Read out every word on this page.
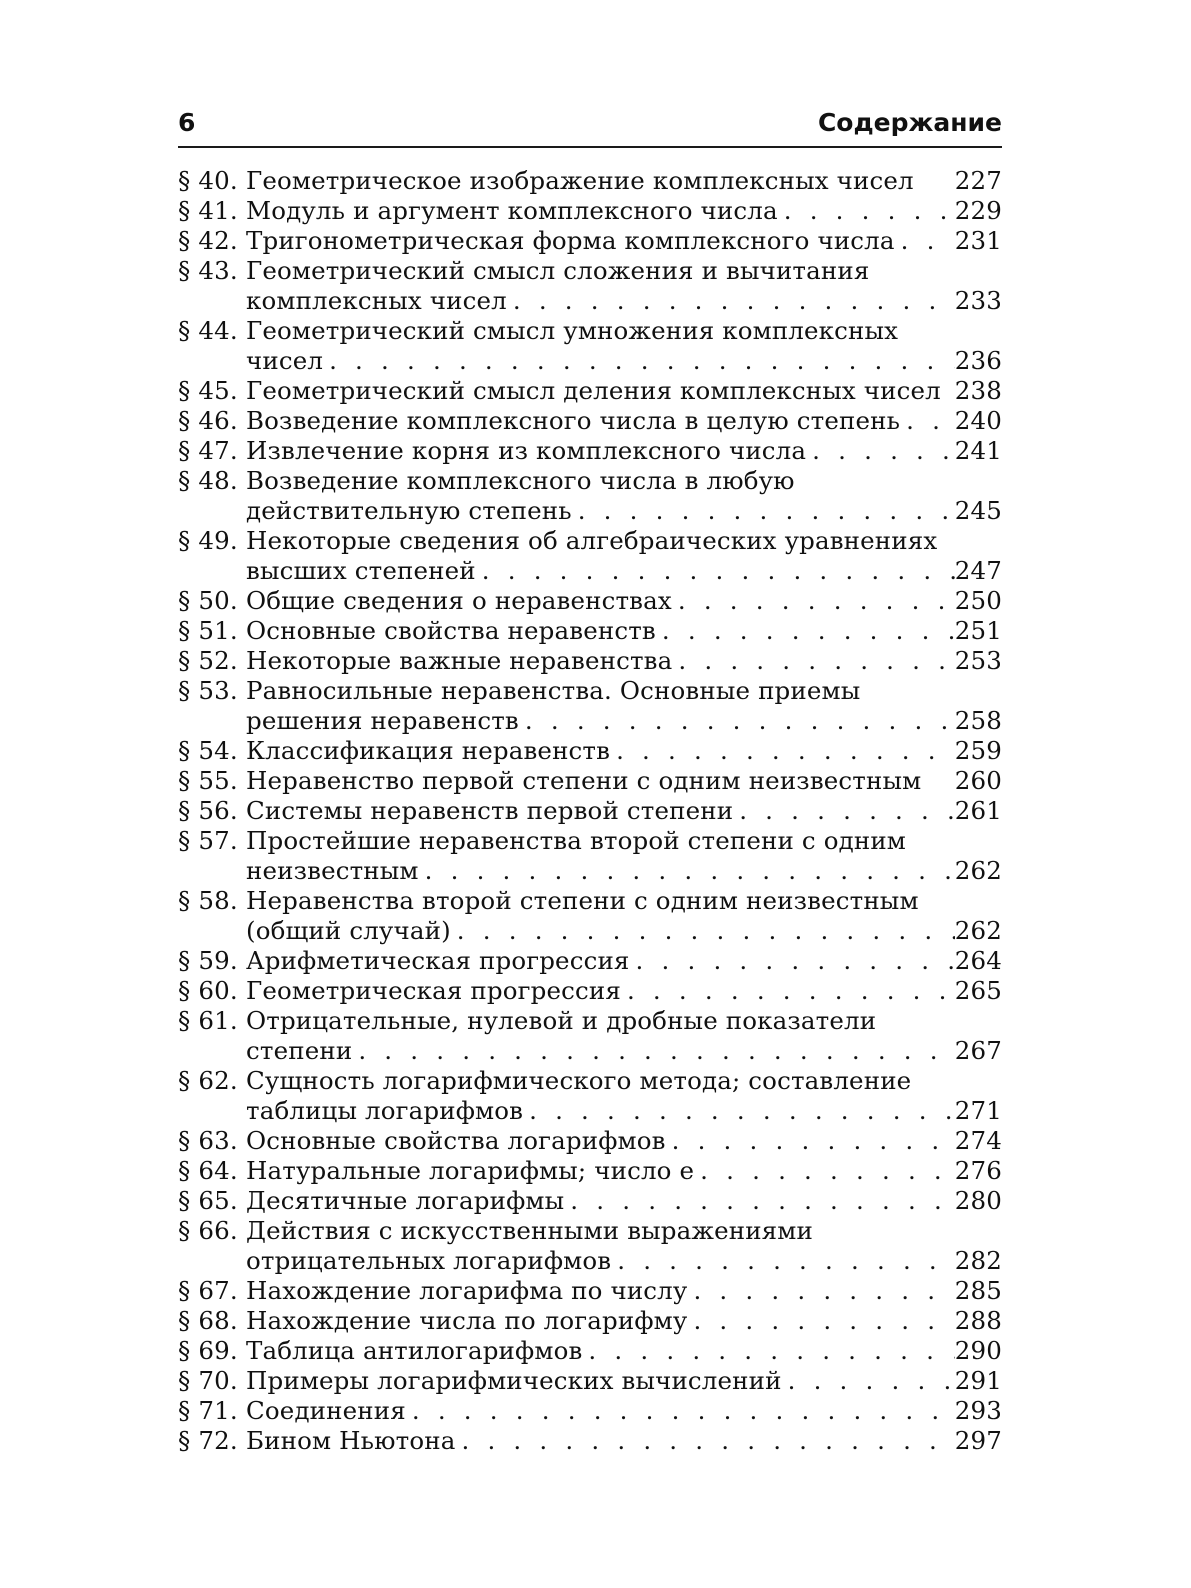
6	Содержание
§ 40. Геометрическое изображение комплексных чисел 227
§ 41. Модуль и аргумент комплексного числа . . .	229
§ 42. Тригонометрическая форма комплексного числа . . . 231
§ 43. Геометрический смысл сложения и вычитания
комплексных чисел . . .	233
§ 44. Геометрический смысл умножения комплексных
чисел . . .	236
§ 45. Геометрический смысл деления комплексных чисел 238
§ 46. Возведение комплексного числа в целую степень . . . 240
§ 47. Извлечение корня из комплексного числа . . .	241
§ 48. Возведение комплексного числа в любую
действительную степень . . .	245
§ 49. Некоторые сведения об алгебраических уравнениях
высших степеней . . .	247
§ 50. Общие сведения о неравенствах . . .	250
§ 51. Основные свойства неравенств . . .	251
§ 52. Некоторые важные неравенства . . .	253
§ 53. Равносильные неравенства. Основные приемы
решения неравенств . . .	258
§ 54. Классификация неравенств . . .	259
§ 55. Неравенство первой степени с одним неизвестным 260
§ 56. Системы неравенств первой степени . . .	261
§ 57. Простейшие неравенства второй степени с одним
неизвестным . . .	262
§ 58. Неравенства второй степени с одним неизвестным
(общий случай) . . .	262
§ 59. Арифметическая прогрессия . . .	264
§ 60. Геометрическая прогрессия . . .	265
§ 61. Отрицательные, нулевой и дробные показатели
степени . . .	267
§ 62. Сущность логарифмического метода; составление
таблицы логарифмов . . .	271
§ 63. Основные свойства логарифмов . . .	274
§ 64. Натуральные логарифмы; число e . . .	276
§ 65. Десятичные логарифмы . . .	280
§ 66. Действия с искусственными выражениями
отрицательных логарифмов . . .	282
§ 67. Нахождение логарифма по числу . . .	285
§ 68. Нахождение числа по логарифму . . .	288
§ 69. Таблица антилогарифмов . . .	290
§ 70. Примеры логарифмических вычислений . . .	291
§ 71. Соединения . . .	293
§ 72. Бином Ньютона . . .	297
